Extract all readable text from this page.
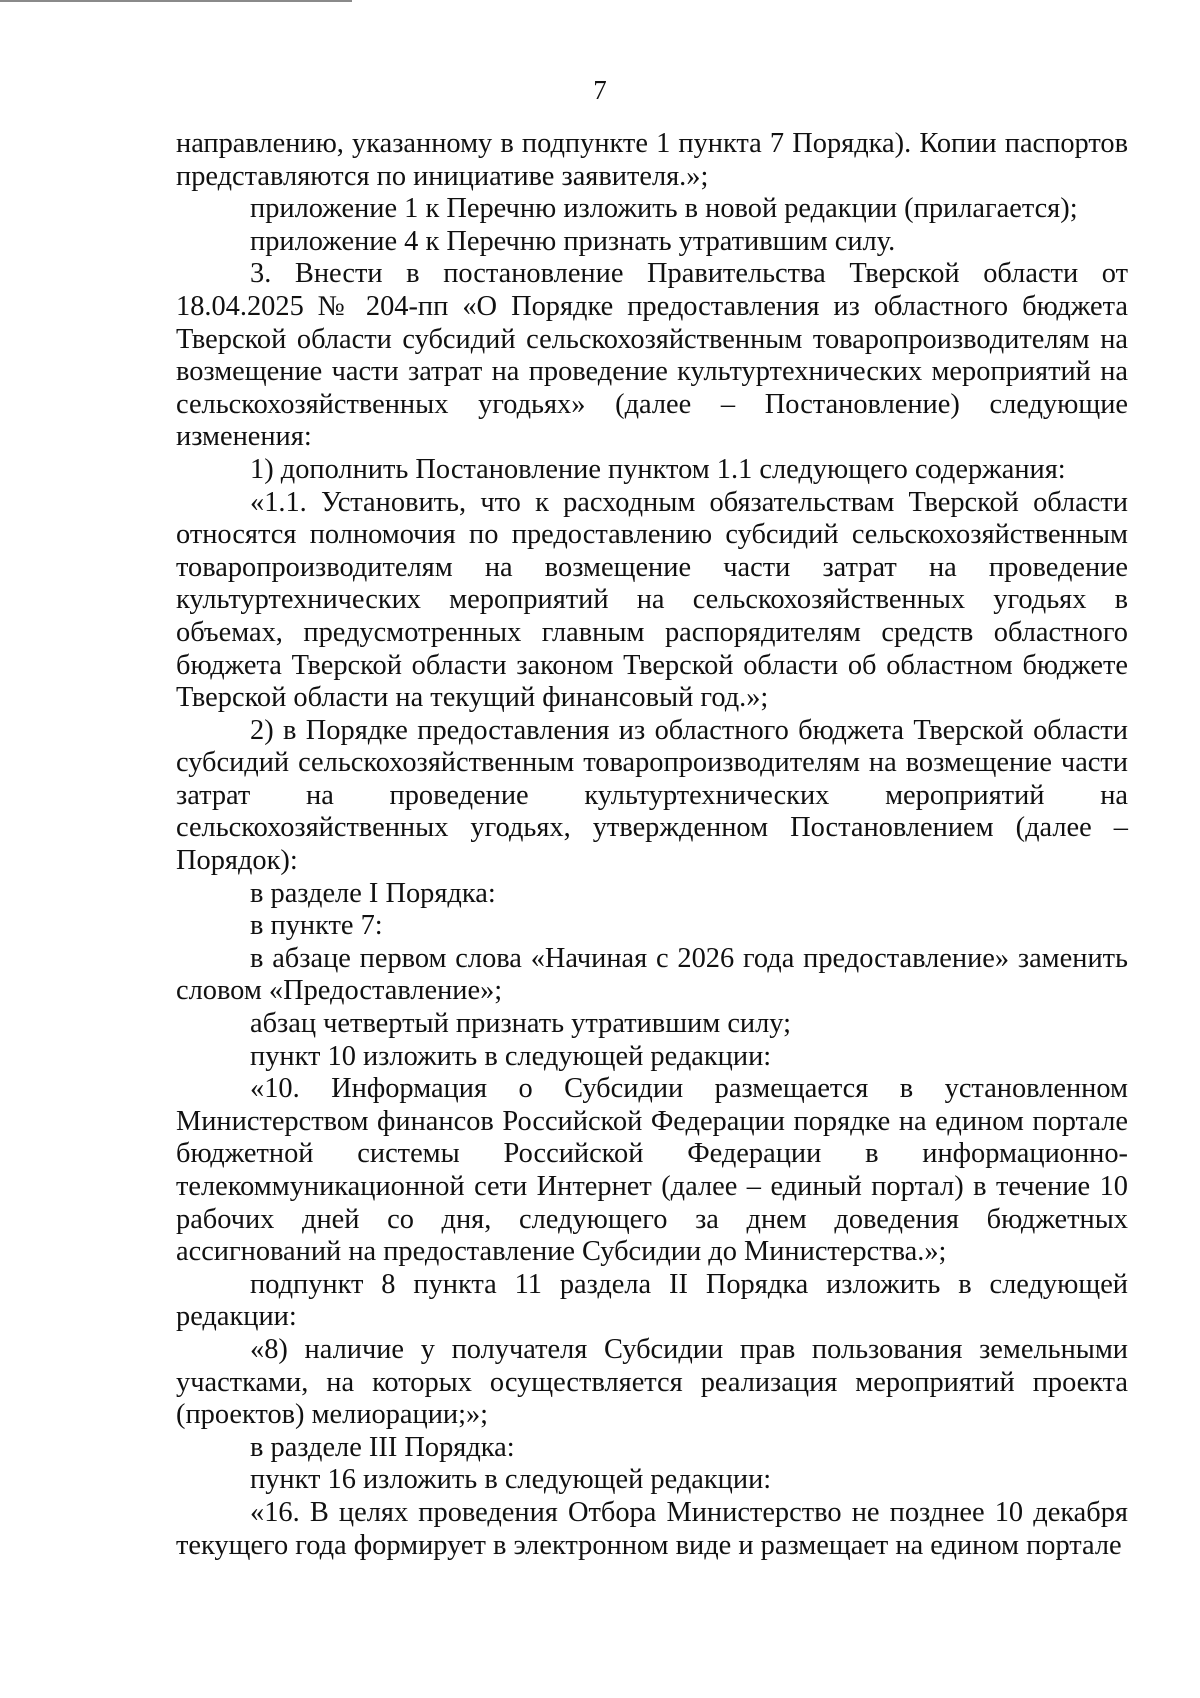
7

направлению, указанному в подпункте 1 пункта 7 Порядка). Копии паспортов представляются по инициативе заявителя.»;

приложение 1 к Перечню изложить в новой редакции (прилагается);

приложение 4 к Перечню признать утратившим силу.

3. Внести в постановление Правительства Тверской области от 18.04.2025 № 204-пп «О Порядке предоставления из областного бюджета Тверской области субсидий сельскохозяйственным товаропроизводителям на возмещение части затрат на проведение культуртехнических мероприятий на сельскохозяйственных угодьях» (далее – Постановление) следующие изменения:

1) дополнить Постановление пунктом 1.1 следующего содержания:

«1.1. Установить, что к расходным обязательствам Тверской области относятся полномочия по предоставлению субсидий сельскохозяйственным товаропроизводителям на возмещение части затрат на проведение культуртехнических мероприятий на сельскохозяйственных угодьях в объемах, предусмотренных главным распорядителям средств областного бюджета Тверской области законом Тверской области об областном бюджете Тверской области на текущий финансовый год.»;

2) в Порядке предоставления из областного бюджета Тверской области субсидий сельскохозяйственным товаропроизводителям на возмещение части затрат на проведение культуртехнических мероприятий на сельскохозяйственных угодьях, утвержденном Постановлением (далее – Порядок):

в разделе I Порядка:

в пункте 7:

в абзаце первом слова «Начиная с 2026 года предоставление» заменить словом «Предоставление»;

абзац четвертый признать утратившим силу;

пункт 10 изложить в следующей редакции:

«10. Информация о Субсидии размещается в установленном Министерством финансов Российской Федерации порядке на едином портале бюджетной системы Российской Федерации в информационно-телекоммуникационной сети Интернет (далее – единый портал) в течение 10 рабочих дней со дня, следующего за днем доведения бюджетных ассигнований на предоставление Субсидии до Министерства.»;

подпункт 8 пункта 11 раздела II Порядка изложить в следующей редакции:

«8) наличие у получателя Субсидии прав пользования земельными участками, на которых осуществляется реализация мероприятий проекта (проектов) мелиорации;»;

в разделе III Порядка:

пункт 16 изложить в следующей редакции:

«16. В целях проведения Отбора Министерство не позднее 10 декабря текущего года формирует в электронном виде и размещает на едином портале
